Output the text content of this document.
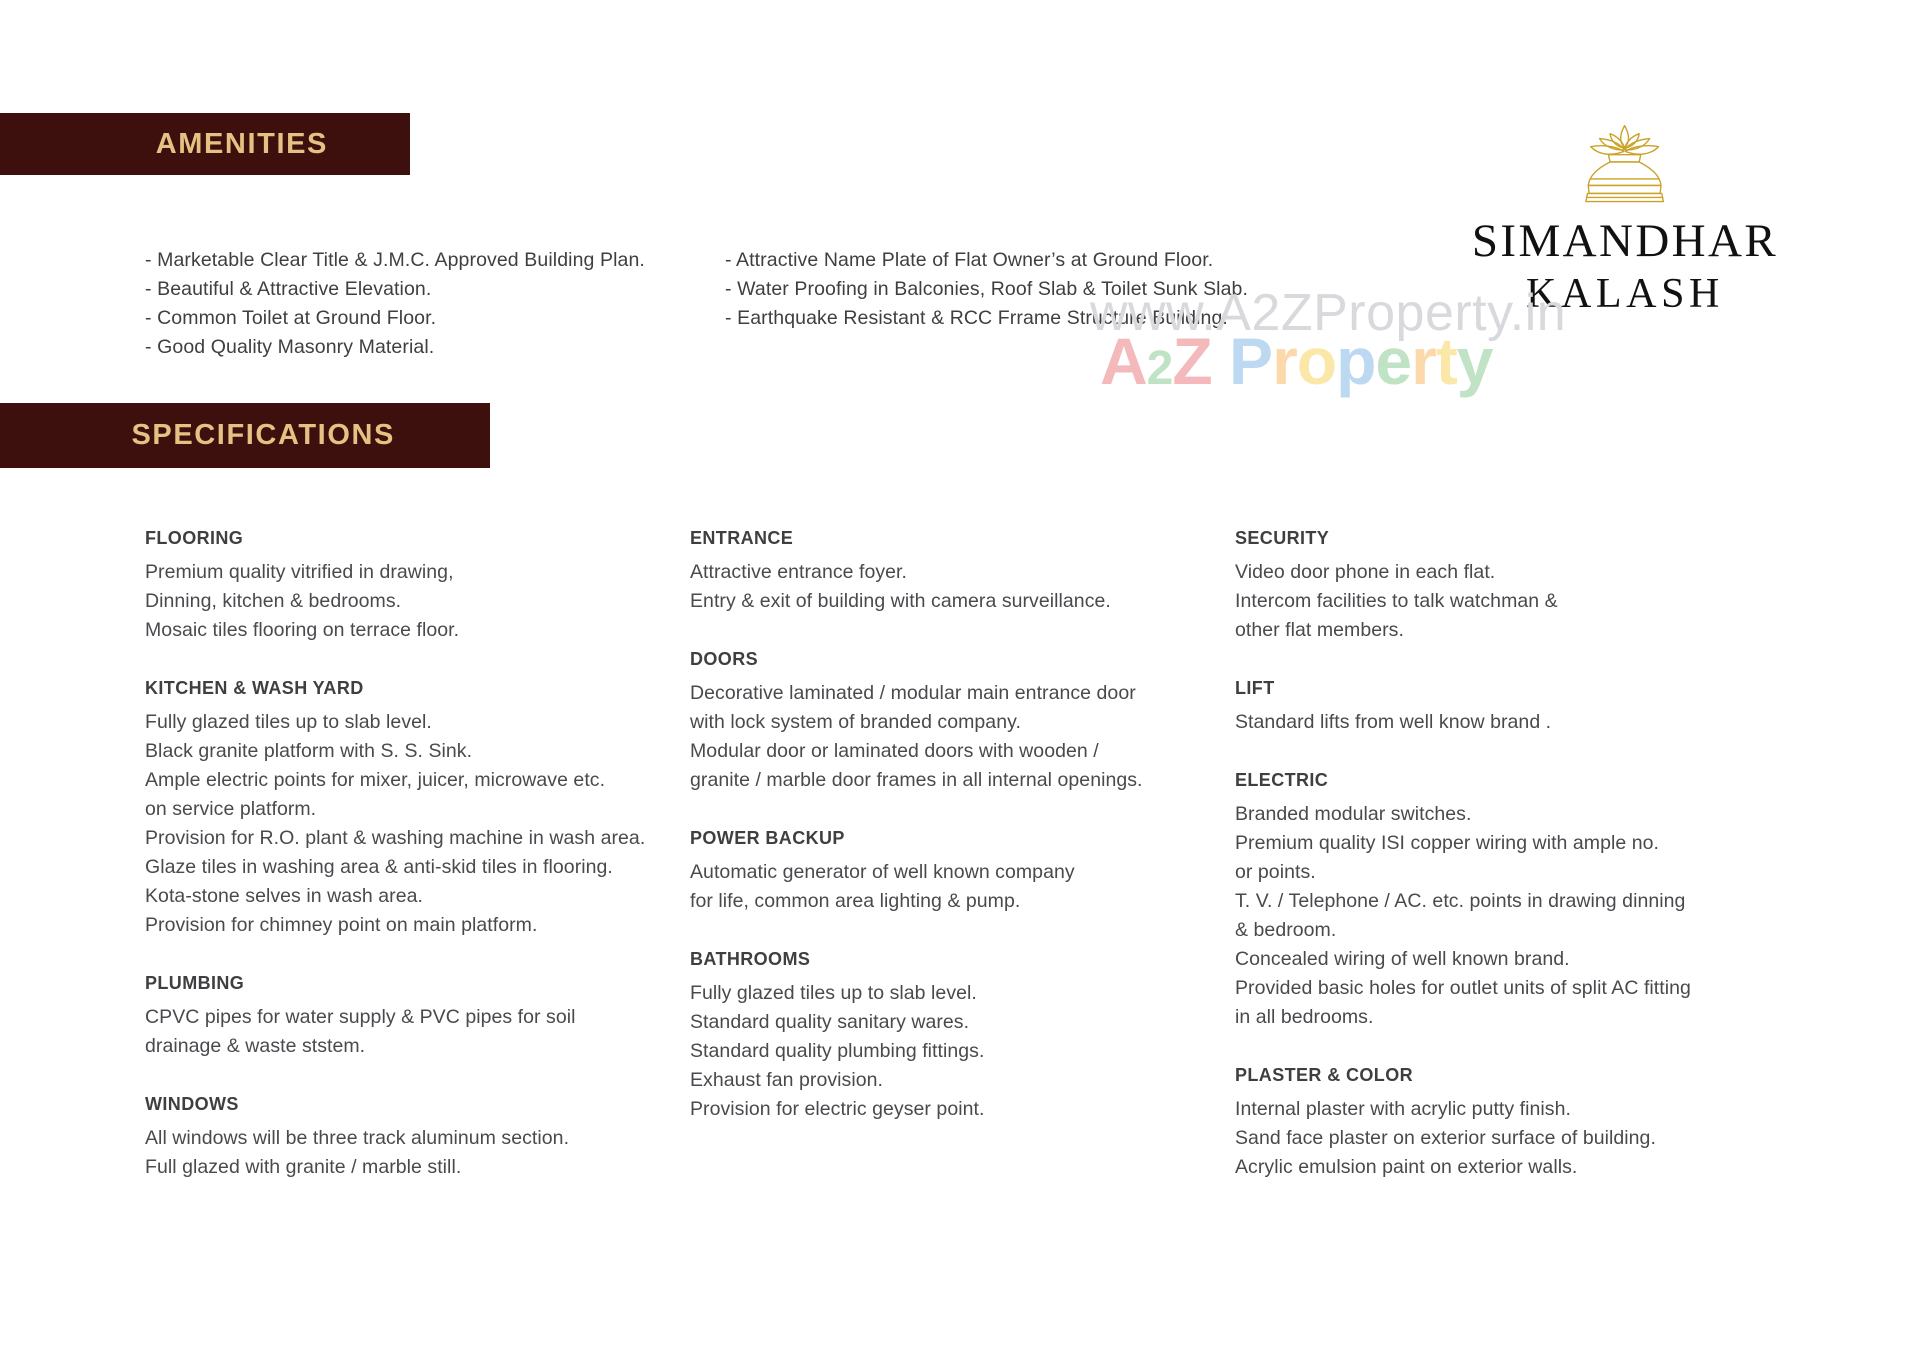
AMENITIES
- Marketable Clear Title & J.M.C. Approved Building Plan.
- Beautiful & Attractive Elevation.
- Common Toilet at Ground Floor.
- Good Quality Masonry Material.
- Attractive Name Plate of Flat Owner’s at Ground Floor.
- Water Proofing in Balconies, Roof Slab & Toilet Sunk Slab.
- Earthquake Resistant & RCC Frrame Structure Building.
SIMANDHAR
KALASH
www.A2ZProperty.in
A2Z Property
SPECIFICATIONS
FLOORING
Premium quality vitrified in drawing,
Dinning, kitchen & bedrooms.
Mosaic tiles flooring on terrace floor.
KITCHEN & WASH YARD
Fully glazed tiles up to slab level.
Black granite platform with S. S. Sink.
Ample electric points for mixer, juicer, microwave etc.
on service platform.
Provision for R.O. plant & washing machine in wash area.
Glaze tiles in washing area & anti-skid tiles in flooring.
Kota-stone selves in wash area.
Provision for chimney point on main platform.
PLUMBING
CPVC pipes for water supply & PVC pipes for soil
drainage & waste ststem.
WINDOWS
All windows will be three track aluminum section.
Full glazed with granite / marble still.
ENTRANCE
Attractive entrance foyer.
Entry & exit of building with camera surveillance.
DOORS
Decorative laminated / modular main entrance door
with lock system of branded company.
Modular door or laminated doors with wooden /
granite / marble door frames in all internal openings.
POWER BACKUP
Automatic generator of well known company
for life, common area lighting & pump.
BATHROOMS
Fully glazed tiles up to slab level.
Standard quality sanitary wares.
Standard quality plumbing fittings.
Exhaust fan provision.
Provision for electric geyser point.
SECURITY
Video door phone in each flat.
Intercom facilities to talk watchman &
other flat members.
LIFT
Standard lifts from well know brand .
ELECTRIC
Branded modular switches.
Premium quality ISI copper wiring with ample no.
or points.
T. V. / Telephone / AC. etc. points in drawing dinning
& bedroom.
Concealed wiring of well known brand.
Provided basic holes for outlet units of split AC fitting
in all bedrooms.
PLASTER & COLOR
Internal plaster with acrylic putty finish.
Sand face plaster on exterior surface of building.
Acrylic emulsion paint on exterior walls.
